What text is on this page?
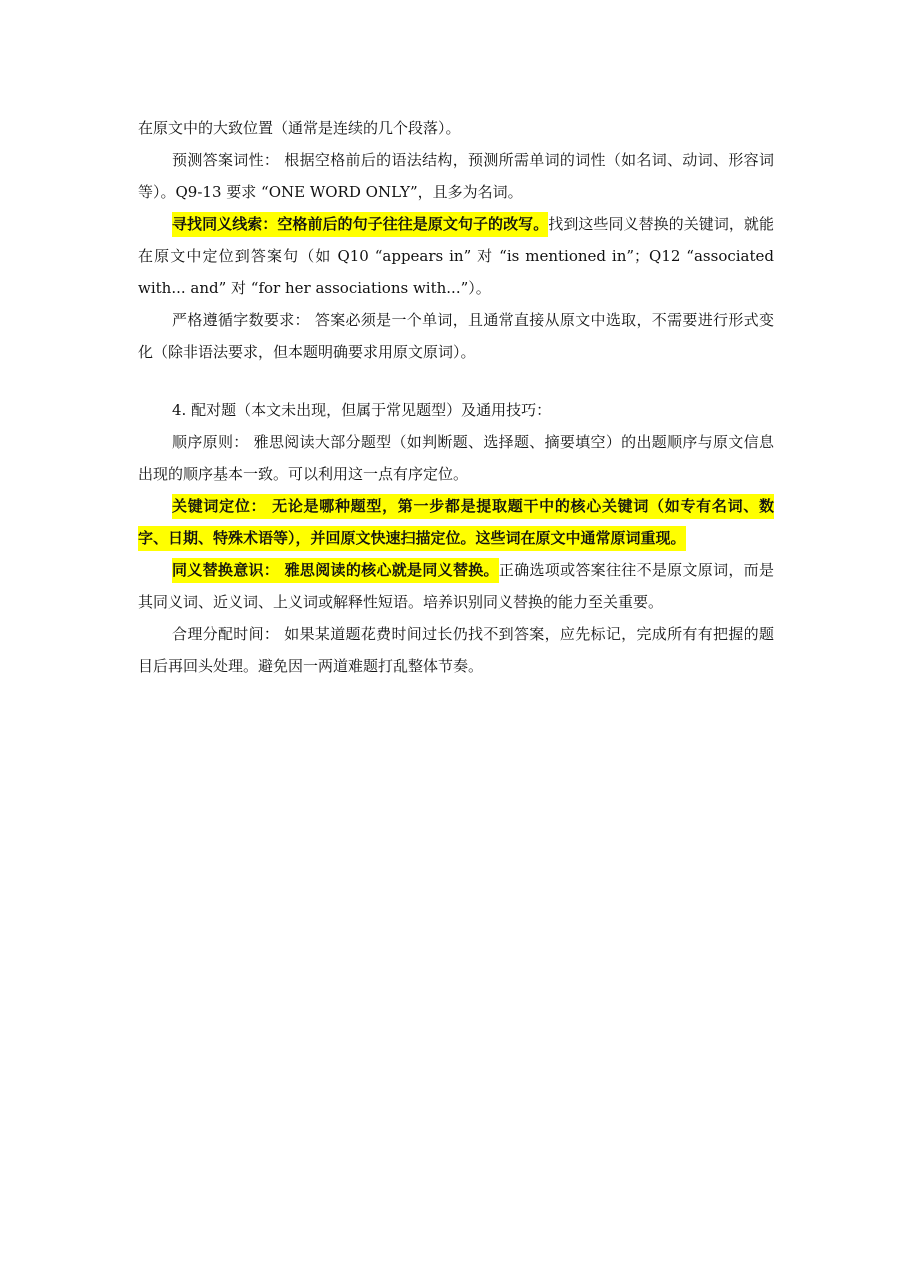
在原文中的大致位置（通常是连续的几个段落）。

预测答案词性： 根据空格前后的语法结构，预测所需单词的词性（如名词、动词、形容词等）。Q9-13 要求 “ONE WORD ONLY”，且多为名词。

寻找同义线索：空格前后的句子往往是原文句子的改写。找到这些同义替换的关键词，就能在原文中定位到答案句（如 Q10 “appears in” 对 “is mentioned in”；Q12 “associated with... and” 对 “for her associations with...”）。

严格遵循字数要求： 答案必须是一个单词，且通常直接从原文中选取，不需要进行形式变化（除非语法要求，但本题明确要求用原文原词）。

4. 配对题（本文未出现，但属于常见题型）及通用技巧：

顺序原则： 雅思阅读大部分题型（如判断题、选择题、摘要填空）的出题顺序与原文信息出现的顺序基本一致。可以利用这一点有序定位。

关键词定位： 无论是哪种题型，第一步都是提取题干中的核心关键词（如专有名词、数字、日期、特殊术语等），并回原文快速扫描定位。这些词在原文中通常原词重现。

同义替换意识： 雅思阅读的核心就是同义替换。正确选项或答案往往不是原文原词，而是其同义词、近义词、上义词或解释性短语。培养识别同义替换的能力至关重要。

合理分配时间： 如果某道题花费时间过长仍找不到答案，应先标记，完成所有有把握的题目后再回头处理。避免因一两道难题打乱整体节奏。
